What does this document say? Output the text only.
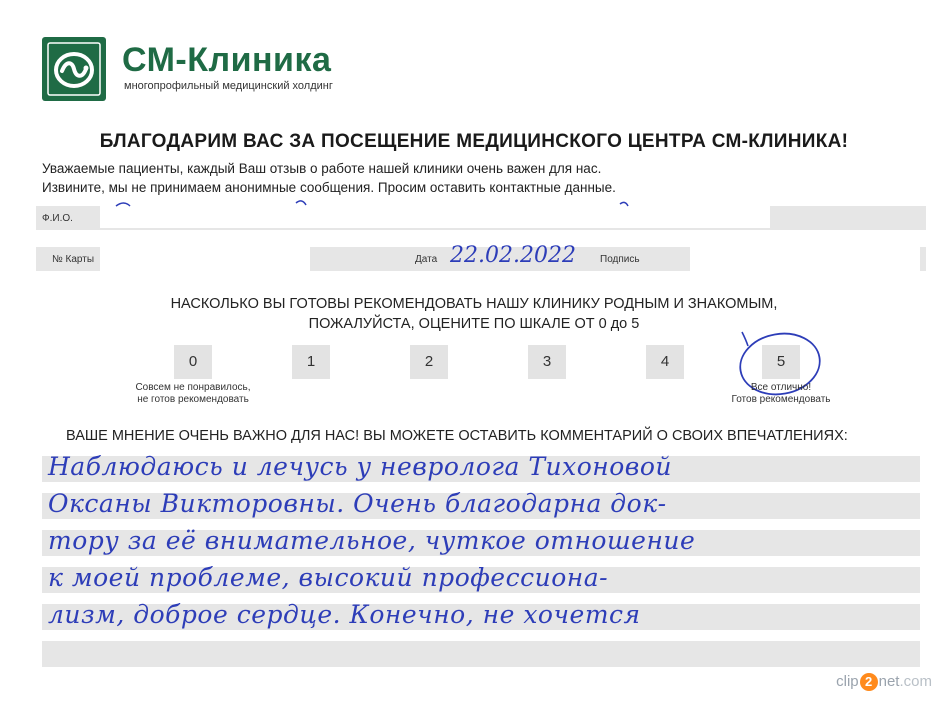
СМ-Клиника
многопрофильный медицинский холдинг
БЛАГОДАРИМ ВАС ЗА ПОСЕЩЕНИЕ МЕДИЦИНСКОГО ЦЕНТРА СМ-КЛИНИКА!
Уважаемые пациенты, каждый Ваш отзыв о работе нашей клиники очень важен для нас.
Извините, мы не принимаем анонимные сообщения. Просим оставить контактные данные.
Ф.И.О.
№ Карты	Дата 22.02.2022 Подпись
НАСКОЛЬКО ВЫ ГОТОВЫ РЕКОМЕНДОВАТЬ НАШУ КЛИНИКУ РОДНЫМ И ЗНАКОМЫМ,
ПОЖАЛУЙСТА, ОЦЕНИТЕ ПО ШКАЛЕ ОТ 0 до 5
0	1	2	3	4	5
Совсем не понравилось,
не готов рекомендовать
Все отлично!
Готов рекомендовать
ВАШЕ МНЕНИЕ ОЧЕНЬ ВАЖНО ДЛЯ НАС! ВЫ МОЖЕТЕ ОСТАВИТЬ КОММЕНТАРИЙ О СВОИХ ВПЕЧАТЛЕНИЯХ:
Наблюдаюсь и лечусь у невролога Тихоновой
Оксаны Викторовны. Очень благодарна док-
тору за её внимательное, чуткое отношение
к моей проблеме, высокий профессиона-
лизм, доброе сердце. Конечно, не хочется
clip 2 net.com
